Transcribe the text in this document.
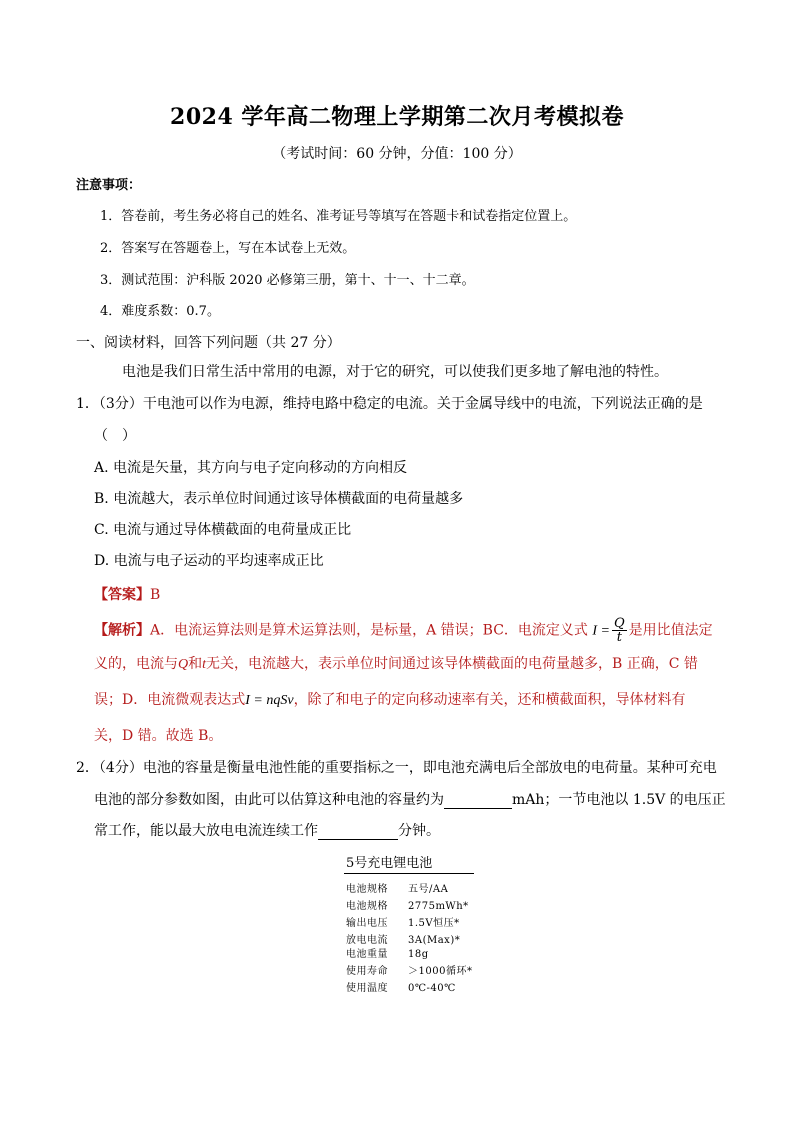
2024 学年高二物理上学期第二次月考模拟卷
（考试时间：60 分钟，分值：100 分）
注意事项：
1．答卷前，考生务必将自己的姓名、准考证号等填写在答题卡和试卷指定位置上。
2．答案写在答题卷上，写在本试卷上无效。
3．测试范围：沪科版 2020 必修第三册，第十、十一、十二章。
4．难度系数：0.7。
一、阅读材料，回答下列问题（共 27 分）
电池是我们日常生活中常用的电源，对于它的研究，可以使我们更多地了解电池的特性。
1．（3分）干电池可以作为电源，维持电路中稳定的电流。关于金属导线中的电流，下列说法正确的是
（　）
A. 电流是矢量，其方向与电子定向移动的方向相反
B. 电流越大，表示单位时间通过该导体横截面的电荷量越多
C. 电流与通过导体横截面的电荷量成正比
D. 电流与电子运动的平均速率成正比
【答案】B
【解析】A．电流运算法则是算术运算法则，是标量，A 错误；BC．电流定义式 $I = \frac{Q}{t}$ 是用比值法定
义的，电流与Q和t无关，电流越大，表示单位时间通过该导体横截面的电荷量越多，B 正确，C 错
误；D．电流微观表达式I = nqSv，除了和电子的定向移动速率有关，还和横截面积，导体材料有
关，D 错。故选 B。
2．（4分）电池的容量是衡量电池性能的重要指标之一，即电池充满电后全部放电的电荷量。某种可充电
电池的部分参数如图，由此可以估算这种电池的容量约为	mAh；一节电池以 1.5V 的电压正
常工作，能以最大放电电流连续工作	分钟。
5号充电锂电池
电池规格 五号/AA
电池规格 2775mWh*
输出电压 1.5V恒压*
放电电流 3A(Max)*
电池重量 18g
使用寿命 ＞1000循环*
使用温度 0℃-40℃
